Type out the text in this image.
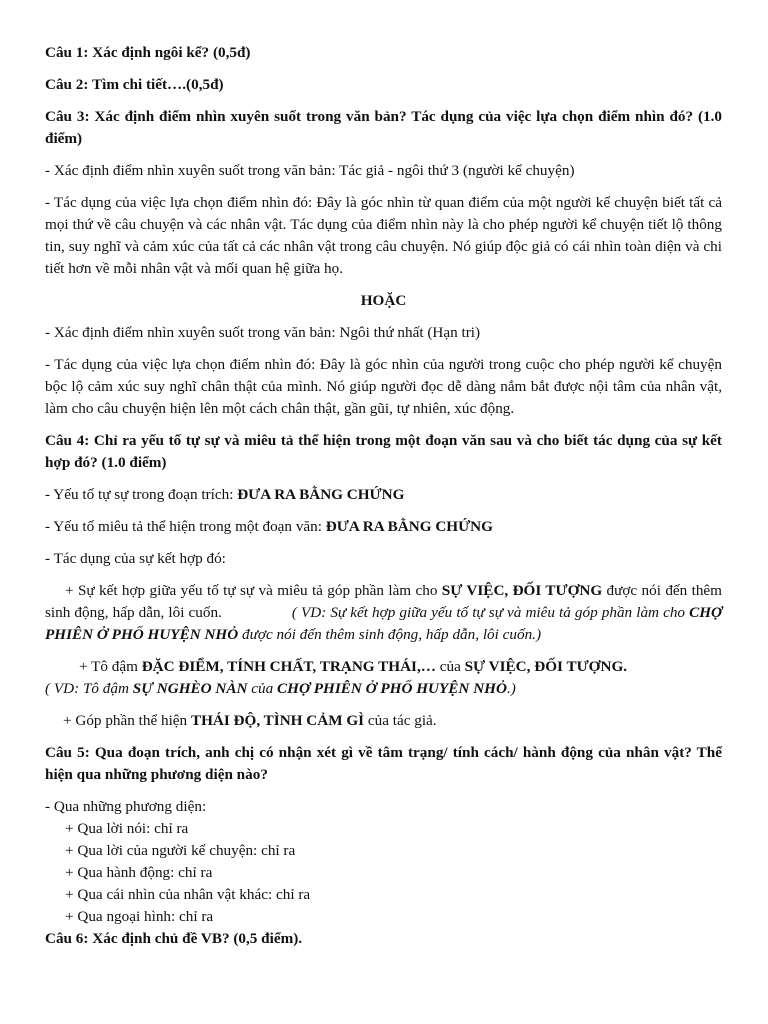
Câu 1: Xác định ngôi kể? (0,5đ)

Câu 2: Tìm chi tiết….(0,5đ)

Câu 3: Xác định điểm nhìn xuyên suốt trong văn bản? Tác dụng của việc lựa chọn điểm nhìn đó? (1.0 điểm)

- Xác định điểm nhìn xuyên suốt trong văn bản: Tác giả - ngôi thứ 3 (người kể chuyện)

- Tác dụng của việc lựa chọn điểm nhìn đó: Đây là góc nhìn từ quan điểm của một người kể chuyện biết tất cả mọi thứ về câu chuyện và các nhân vật. Tác dụng của điểm nhìn này là cho phép người kể chuyện tiết lộ thông tin, suy nghĩ và cảm xúc của tất cả các nhân vật trong câu chuyện. Nó giúp độc giả có cái nhìn toàn diện và chi tiết hơn về mỗi nhân vật và mối quan hệ giữa họ.

HOẶC

- Xác định điểm nhìn xuyên suốt trong văn bản: Ngôi thứ nhất (Hạn tri)

- Tác dụng của việc lựa chọn điểm nhìn đó: Đây là góc nhìn của người trong cuộc cho phép người kể chuyện bộc lộ cảm xúc suy nghĩ chân thật của mình. Nó giúp người đọc dễ dàng nắm bắt được nội tâm của nhân vật, làm cho câu chuyện hiện lên một cách chân thật, gần gũi, tự nhiên, xúc động.

Câu 4: Chỉ ra yếu tố tự sự và miêu tả thể hiện trong một đoạn văn sau và cho biết tác dụng của sự kết hợp đó? (1.0 điểm)

- Yếu tố tự sự trong đoạn trích: ĐƯA RA BẰNG CHỨNG

- Yếu tố miêu tả thể hiện trong một đoạn văn: ĐƯA RA BẰNG CHỨNG

- Tác dụng của sự kết hợp đó:

+ Sự kết hợp giữa yếu tố tự sự và miêu tả góp phần làm cho SỰ VIỆC, ĐỐI TƯỢNG được nói đến thêm sinh động, hấp dẫn, lôi cuốn.	( VD: Sự kết hợp giữa yếu tố tự sự và miêu tả góp phần làm cho CHỢ PHIÊN Ở PHỐ HUYỆN NHỎ được nói đến thêm sinh động, hấp dẫn, lôi cuốn.)

+ Tô đậm ĐẶC ĐIỂM, TÍNH CHẤT, TRẠNG THÁI,… của SỰ VIỆC, ĐỐI TƯỢNG.
( VD: Tô đậm SỰ NGHÈO NÀN của CHỢ PHIÊN Ở PHỐ HUYỆN NHỎ.)

+ Góp phần thể hiện THÁI ĐỘ, TÌNH CẢM GÌ của tác giả.

Câu 5: Qua đoạn trích, anh chị có nhận xét gì về tâm trạng/ tính cách/ hành động của nhân vật? Thể hiện qua những phương diện nào?

- Qua những phương diện:

+ Qua lời nói: chỉ ra
+ Qua lời của người kể chuyện: chỉ ra
+ Qua hành động: chỉ ra
+ Qua cái nhìn của nhân vật khác: chỉ ra
+ Qua ngoại hình: chỉ ra

Câu 6: Xác định chủ đề VB? (0,5 điểm).
